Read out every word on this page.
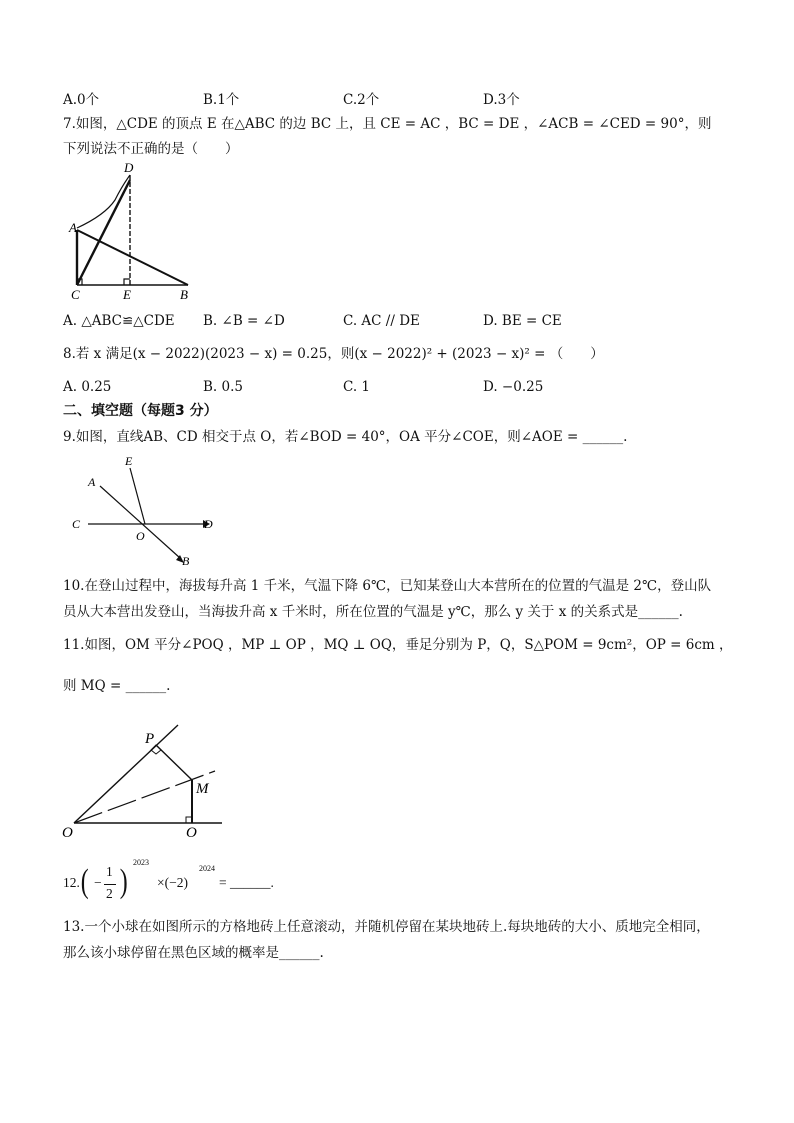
A.0个	B.1个	C.2个	D.3个
7.如图，△CDE 的顶点 E 在△ABC 的边 BC 上，且 CE = AC ，BC = DE ，∠ACB = ∠CED = 90°，则
下列说法不正确的是（　　）
D
A
C	E	B
A. △ABC≌△CDE B. ∠B = ∠D	C. AC // DE	D. BE = CE
8.若 x 满足(x − 2022)(2023 − x) = 0.25，则(x − 2022)² + (2023 − x)² = （　　）
A. 0.25	B. 0.5	C. 1	D. −0.25
二、填空题（每题3 分）
9.如图，直线AB、CD 相交于点 O，若∠BOD = 40°，OA 平分∠COE，则∠AOE = ______.
E
A
C	D
O
B
10.在登山过程中，海拔每升高 1 千米，气温下降 6℃，已知某登山大本营所在的位置的气温是 2℃，登山队
员从大本营出发登山，当海拔升高 x 千米时，所在位置的气温是 y℃，那么 y 关于 x 的关系式是______.
11.如图，OM 平分∠POQ ，MP ⊥ OP ，MQ ⊥ OQ，垂足分别为 P，Q，S△POM = 9cm²，OP = 6cm ，
则 MQ = ______.
P
M
O	O
12. ( −
1
2 )
2023
×(−2)
2024
= ______.
13.一个小球在如图所示的方格地砖上任意滚动，并随机停留在某块地砖上.每块地砖的大小、质地完全相同，
那么该小球停留在黑色区域的概率是______.
